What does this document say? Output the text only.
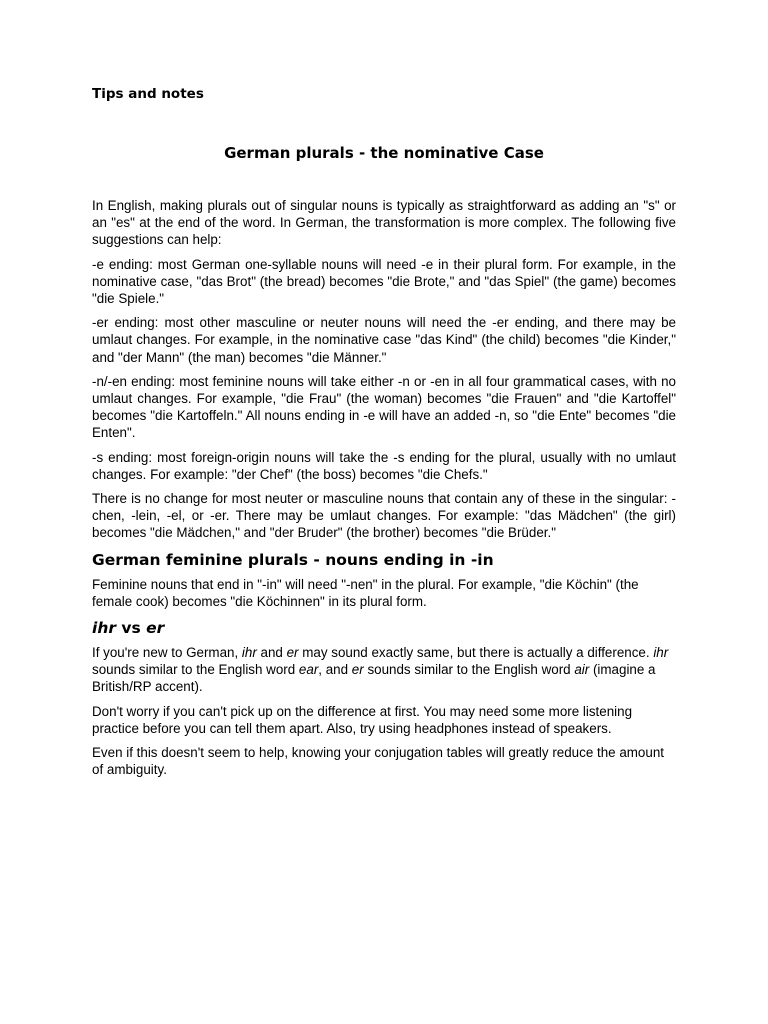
Tips and notes
German plurals - the nominative Case

In English, making plurals out of singular nouns is typically as straightforward as adding an "s" or an "es" at the end of the word. In German, the transformation is more complex. The following five suggestions can help:

-e ending: most German one-syllable nouns will need -e in their plural form. For example, in the nominative case, "das Brot" (the bread) becomes "die Brote," and "das Spiel" (the game) becomes "die Spiele."

-er ending: most other masculine or neuter nouns will need the -er ending, and there may be umlaut changes. For example, in the nominative case "das Kind" (the child) becomes "die Kinder," and "der Mann" (the man) becomes "die Männer."

-n/-en ending: most feminine nouns will take either -n or -en in all four grammatical cases, with no umlaut changes. For example, "die Frau" (the woman) becomes "die Frauen" and "die Kartoffel" becomes "die Kartoffeln." All nouns ending in -e will have an added -n, so "die Ente" becomes "die Enten".

-s ending: most foreign-origin nouns will take the -s ending for the plural, usually with no umlaut changes. For example: "der Chef" (the boss) becomes "die Chefs."

There is no change for most neuter or masculine nouns that contain any of these in the singular: -chen, -lein, -el, or -er. There may be umlaut changes. For example: "das Mädchen" (the girl) becomes "die Mädchen," and "der Bruder" (the brother) becomes "die Brüder."

German feminine plurals - nouns ending in -in

Feminine nouns that end in "-in" will need "-nen" in the plural. For example, "die Köchin" (the female cook) becomes "die Köchinnen" in its plural form.

ihr vs er

If you're new to German, ihr and er may sound exactly same, but there is actually a difference. ihr sounds similar to the English word ear, and er sounds similar to the English word air (imagine a British/RP accent).

Don't worry if you can't pick up on the difference at first. You may need some more listening practice before you can tell them apart. Also, try using headphones instead of speakers.

Even if this doesn't seem to help, knowing your conjugation tables will greatly reduce the amount of ambiguity.
